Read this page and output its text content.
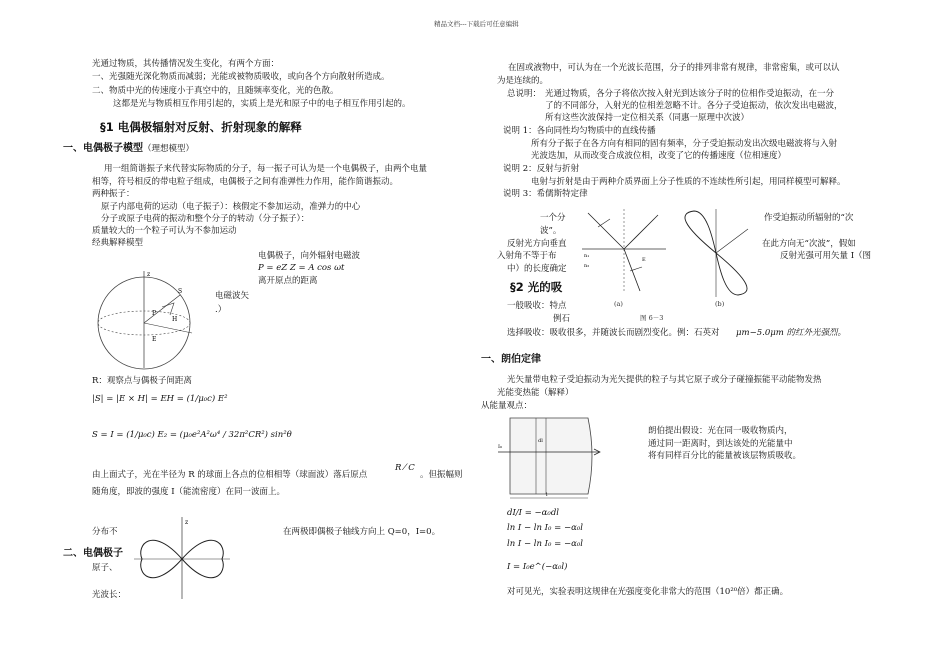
精品文档---下载后可任意编辑
光通过物质，其传播情况发生变化，有两个方面：
一、光强随光深化物质而减弱；光能或被物质吸收，或向各个方向散射所造成。
二、物质中光的传速度小于真空中的，且随频率变化，光的色散。
这都是光与物质相互作用引起的，实质上是光和原子中的电子相互作用引起的。
§1 电偶极辐射对反射、折射现象的解释
一、电偶极子模型（理想模型）
用一组简谐振子来代替实际物质的分子，每一振子可认为是一个电偶极子，由两个电量
相等，符号相反的带电粒子组成，电偶极子之间有准弹性力作用，能作简谐振动。
两种振子：
原子内部电荷的运动（电子振子）：核假定不参加运动，准弹力的中心
分子或原子电荷的振动和整个分子的转动（分子振子）：
质量较大的一个粒子可认为不参加运动
经典解释模型
电偶极子，向外辐射电磁波
P = eZ Z = A cos ωt
离开原点的距离
电磁波矢
.）
z
S
P
H
E
R：观察点与偶极子间距离
|S| = |E × H| = EH = (1/μ₀c) E²
S = I = (1/μ₀c) E₂ = (μ₀e²A²ω⁴ / 32π²CR²) sin²θ
由上面式子，光在半径为 R 的球面上各点的位相相等（球面波）落后原点
R ⁄ C
。但振幅则
随角度，即波的强度 I（能流密度）在同一波面上。
分布不	在两极即偶极子轴线方向上 Q=0，I=0。
z
二、电偶极子
原子、
光波长：
在固或液物中，可认为在一个光波长范围，分子的排列非常有规律，非常密集，或可以认
为是连续的。
总说明： 光通过物质，各分子将依次按入射光到达该分子时的位相作受迫振动，在一分
了的不同部分，入射光的位相差忽略不计。各分子受迫振动，依次发出电磁波，
所有这些次波保持一定位相关系（同惠一原理中次波）
说明 1：各向同性均匀物质中的直线传播
所有分子振子在各方向有相同的固有频率，分子受迫振动发出次级电磁波将与入射
光波迭加，从而改变合成波位相，改变了它的传播速度（位相速度）
说明 2：反射与折射
电射与折射是由于两种介质界面上分子性质的不连续性所引起，用同样模型可解释。
说明 3：希儒斯特定律
一个分	作受迫振动所辐射的“次
波”。
反射光方向垂直	在此方向无“次波”，假如
入射角不等于布	反射光强可用矢量 I（图
中）的长度确定
n₁
n₂
E
(a)	(b)
图 6－3
§2 光的吸
一般吸收：特点
例石
选择吸收：吸收很多，并随波长而剧烈变化。例：石英对 μm−5.0μm 的红外光强烈。
一、朗伯定律
光矢量带电粒子受迫振动为光矢提供的粒子与其它原子或分子碰撞振能平动能物发热
光能变热能（解释）
从能量观点：
I₀
dl
l
朗伯提出假设：光在同一吸收物质内，
通过同一距离时，到达该处的光能量中
将有同样百分比的能量被该层物质吸收。
dI/I = −α₀dl
ln I − ln I₀ = −α₀l
ln I − ln I₀ = −α₀l
I = I₀e^(−α₀l)
对可见光，实验表明这规律在光强度变化非常大的范围（10²⁰倍）都正确。
